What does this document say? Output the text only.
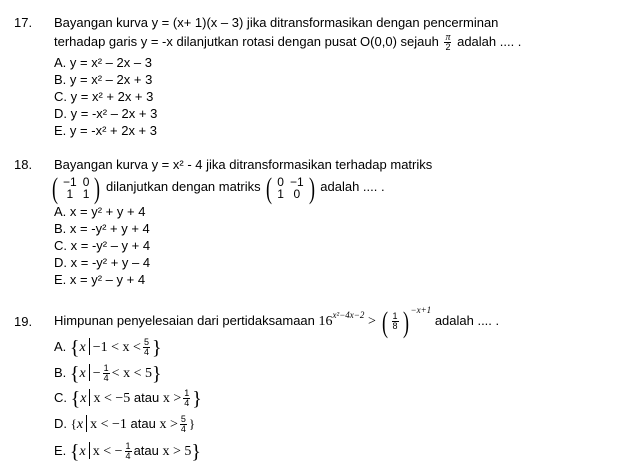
17. Bayangan kurva y = (x+ 1)(x – 3) jika ditransformasikan dengan pencerminan
terhadap garis y = -x dilanjutkan rotasi dengan pusat O(0,0) sejauh $\frac{\pi}{2}$ adalah .... .
A. y = x² – 2x – 3
B. y = x² – 2x + 3
C. y = x² + 2x + 3
D. y = -x² – 2x + 3
E. y = -x² + 2x + 3
18. Bayangan kurva y = x² - 4 jika ditransformasikan terhadap matriks
( −1	0
1	1 ) dilanjutkan dengan matriks ( 0	−1
1	0 ) adalah .... .
A. x = y² + y + 4
B. x = -y² + y + 4
C. x = -y² – y + 4
D. x = -y² + y – 4
E. x = y² – y + 4
19. Himpunan penyelesaian dari pertidaksamaan $16^{x^2-4x-2}$ > ( $\frac{1}{8}$ ) $^{-x+1}$ adalah .... .
A. {$x -1 < x < \frac{5}{4}$ }
B. $\{x - \frac{1}{4} < x < 5\}$
C. {x x < −5 atau $x > \frac{1}{4}$ }
D. {x x < −1 atau $x > \frac{5}{4}$ }
E. {x x < − $\frac{1}{4}$ atau x > 5}
